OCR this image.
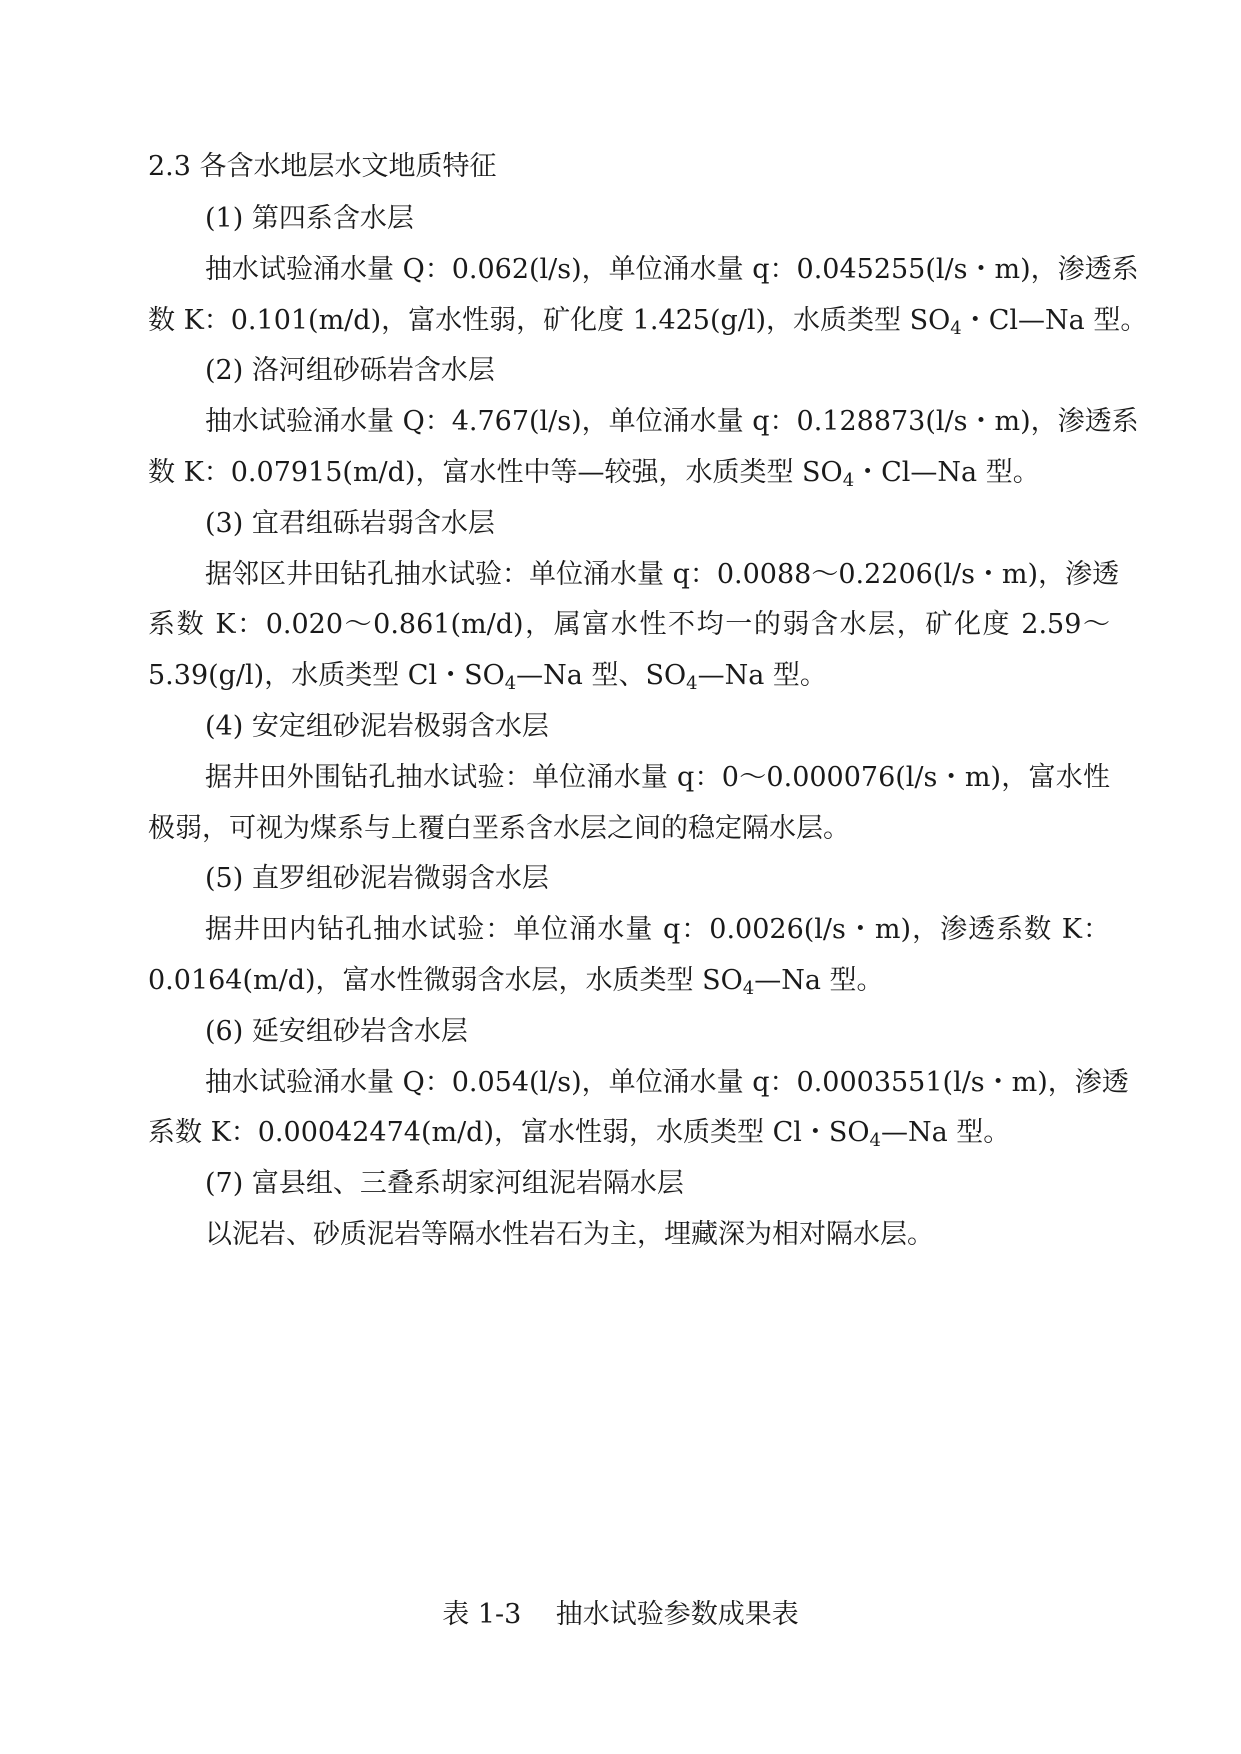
2.3 各含水地层水文地质特征
(1) 第四系含水层
抽水试验涌水量 Q：0.062(l/s)，单位涌水量 q：0.045255(l/s・m)，渗透系
数 K：0.101(m/d)，富水性弱，矿化度 1.425(g/l)，水质类型 $SO_4$・Cl—Na 型。
(2) 洛河组砂砾岩含水层
抽水试验涌水量 Q：4.767(l/s)，单位涌水量 q：0.128873(l/s・m)，渗透系
数 K：0.07915(m/d)，富水性中等—较强，水质类型 $SO_4$・Cl—Na 型。
(3) 宜君组砾岩弱含水层
据邻区井田钻孔抽水试验：单位涌水量 q：0.0088～0.2206(l/s・m)，渗透
系数 K：0.020～0.861(m/d)，属富水性不均一的弱含水层，矿化度 2.59～
5.39(g/l)，水质类型 Cl・$SO_4—Na$ 型、$SO_4—Na$ 型。
(4) 安定组砂泥岩极弱含水层
据井田外围钻孔抽水试验：单位涌水量 q：0～0.000076(l/s・m)，富水性
极弱，可视为煤系与上覆白垩系含水层之间的稳定隔水层。
(5) 直罗组砂泥岩微弱含水层
据井田内钻孔抽水试验：单位涌水量 q：0.0026(l/s・m)，渗透系数 K：
0.0164(m/d)，富水性微弱含水层，水质类型 $SO_4—Na$ 型。
(6) 延安组砂岩含水层
抽水试验涌水量 Q：0.054(l/s)，单位涌水量 q：0.0003551(l/s・m)，渗透
系数 K：0.00042474(m/d)，富水性弱，水质类型 Cl・$SO_4—Na$ 型。
(7) 富县组、三叠系胡家河组泥岩隔水层
以泥岩、砂质泥岩等隔水性岩石为主，埋藏深为相对隔水层。
表 1-3    抽水试验参数成果表
